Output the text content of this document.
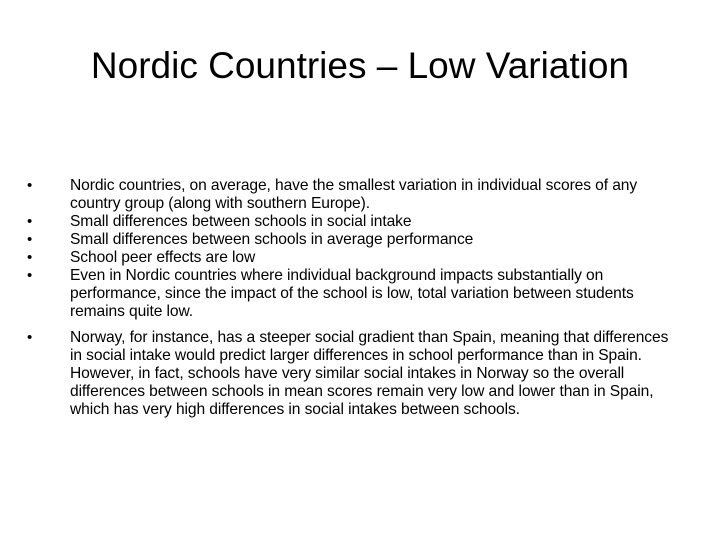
Nordic Countries – Low Variation
• Nordic countries, on average, have the smallest variation in individual scores of any country group (along with southern Europe).
• Small differences between schools in social intake
• Small differences between schools in average performance
• School peer effects are low
• Even in Nordic countries where individual background impacts substantially on performance, since the impact of the school is low, total variation between students remains quite low.
• Norway, for instance, has a steeper social gradient than Spain, meaning that differences in social intake would predict larger differences in school performance than in Spain. However, in fact, schools have very similar social intakes in Norway so the overall differences between schools in mean scores remain very low and lower than in Spain, which has very high differences in social intakes between schools.
